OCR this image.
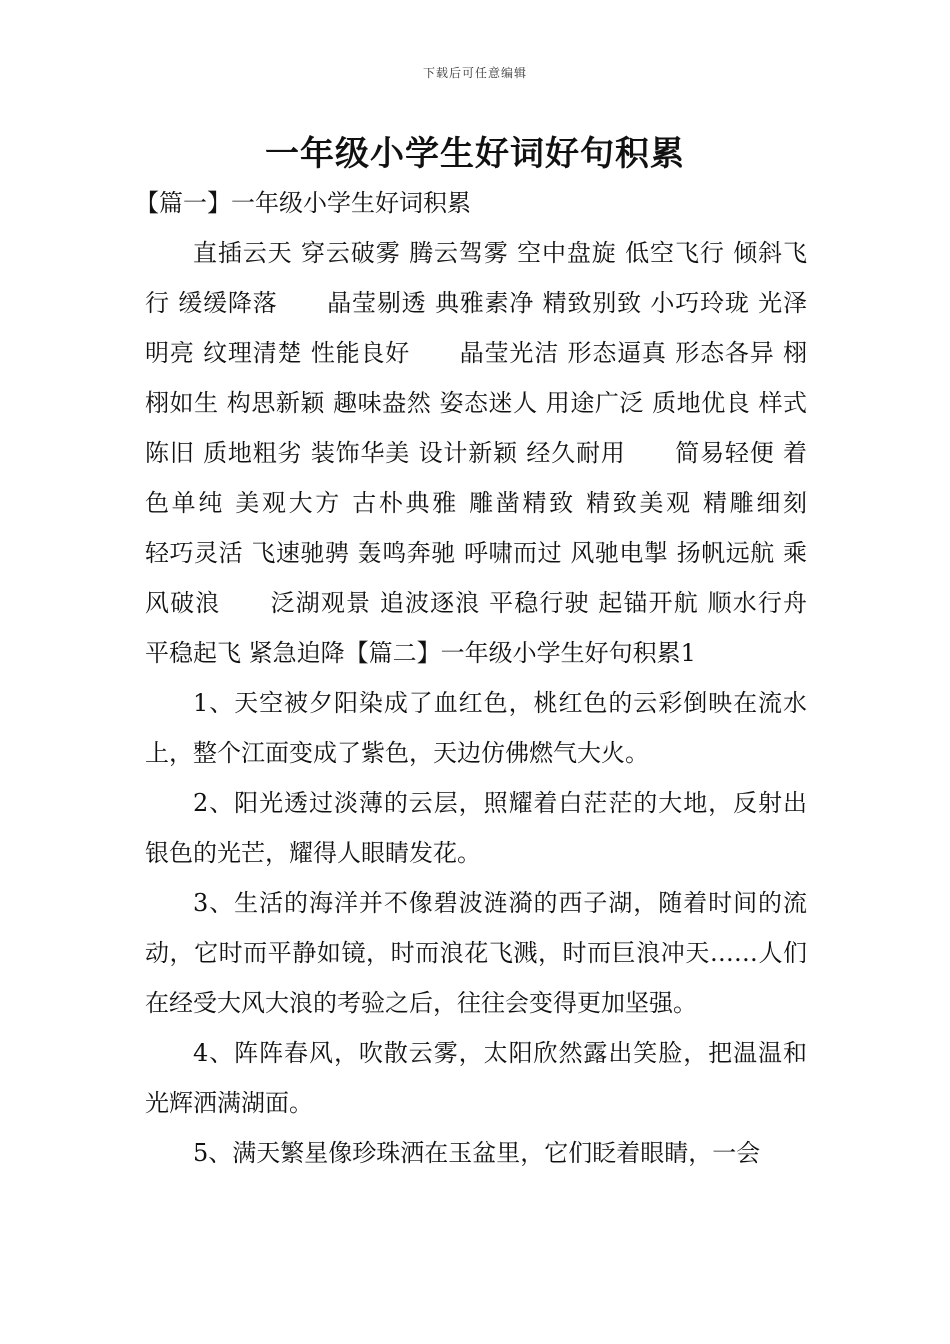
下载后可任意编辑
一年级小学生好词好句积累

【篇一】一年级小学生好词积累

直插云天 穿云破雾 腾云驾雾 空中盘旋 低空飞行 倾斜飞行 缓缓降落　　晶莹剔透 典雅素净 精致别致 小巧玲珑 光泽明亮 纹理清楚 性能良好　　晶莹光洁 形态逼真 形态各异 栩栩如生 构思新颖 趣味盎然 姿态迷人 用途广泛 质地优良 样式陈旧 质地粗劣 装饰华美 设计新颖 经久耐用　　简易轻便 着色单纯 美观大方 古朴典雅 雕凿精致 精致美观 精雕细刻　　轻巧灵活 飞速驰骋 轰鸣奔驰 呼啸而过 风驰电掣 扬帆远航 乘风破浪　　泛湖观景 追波逐浪 平稳行驶 起锚开航 顺水行舟 平稳起飞 紧急迫降【篇二】一年级小学生好句积累1

1、天空被夕阳染成了血红色，桃红色的云彩倒映在流水上，整个江面变成了紫色，天边仿佛燃气大火。

2、阳光透过淡薄的云层，照耀着白茫茫的大地，反射出银色的光芒，耀得人眼睛发花。

3、生活的海洋并不像碧波涟漪的西子湖，随着时间的流动，它时而平静如镜，时而浪花飞溅，时而巨浪冲天……人们在经受大风大浪的考验之后，往往会变得更加坚强。

4、阵阵春风，吹散云雾，太阳欣然露出笑脸，把温温和光辉洒满湖面。

5、满天繁星像珍珠洒在玉盆里，它们眨着眼睛，一会
